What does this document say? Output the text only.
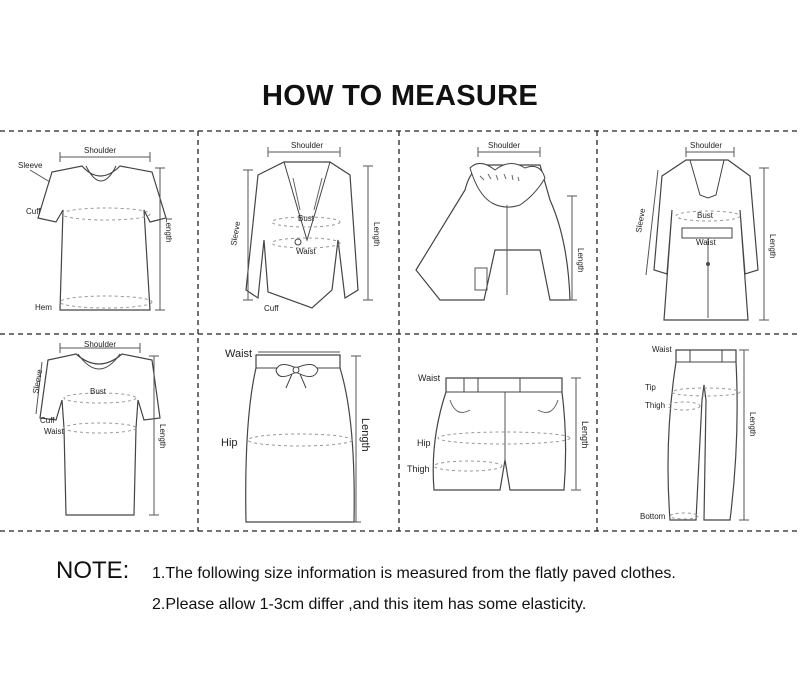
HOW TO MEASURE
Shoulder
Sleeve
Cuff
Hem
Length
Shoulder
Sleeve
Bust
Waist
Cuff
Length
Shoulder
Length
Shoulder
Sleeve	Bust
Waist	Length
Shoulder
Sleeve	Bust
Cuff
Waist	Length
Waist
Hip	Length
Waist
Hip
Thigh
Length
Waist
Tip
Thigh
Bottom
Length
NOTE: 1.The following size information is measured from the flatly paved clothes.
2.Please allow 1-3cm differ ,and this item has some elasticity.
